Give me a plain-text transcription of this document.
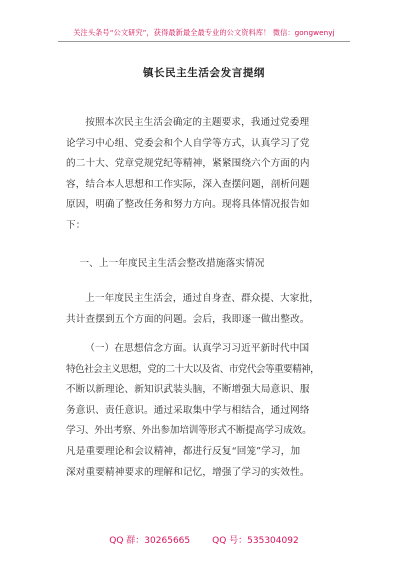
关注头条号“公文研究”，获得最新最全最专业的公文资料库！ 微信：gongwenyj
镇长民主生活会发言提纲
按照本次民主生活会确定的主题要求，我通过党委理
论学习中心组、党委会和个人自学等方式，认真学习了党
的二十大、党章党规党纪等精神，紧紧围绕六个方面的内
容，结合本人思想和工作实际，深入查摆问题，剖析问题
原因，明确了整改任务和努力方向。现将具体情况报告如
下：
一、上一年度民主生活会整改措施落实情况
上一年度民主生活会，通过自身查、群众提、大家批，
共计查摆到五个方面的问题。会后，我即逐一做出整改。
（一）在思想信念方面。认真学习习近平新时代中国
特色社会主义思想，党的二十大以及省、市党代会等重要精神，
不断以新理论、新知识武装头脑，不断增强大局意识、服
务意识、责任意识。通过采取集中学与相结合，通过网络
学习、外出考察、外出参加培训等形式不断提高学习成效。
凡是重要理论和会议精神，都进行反复“回笼”学习，加
深对重要精神要求的理解和记忆，增强了学习的实效性。
QQ 群：30265665 QQ 号：535304092
